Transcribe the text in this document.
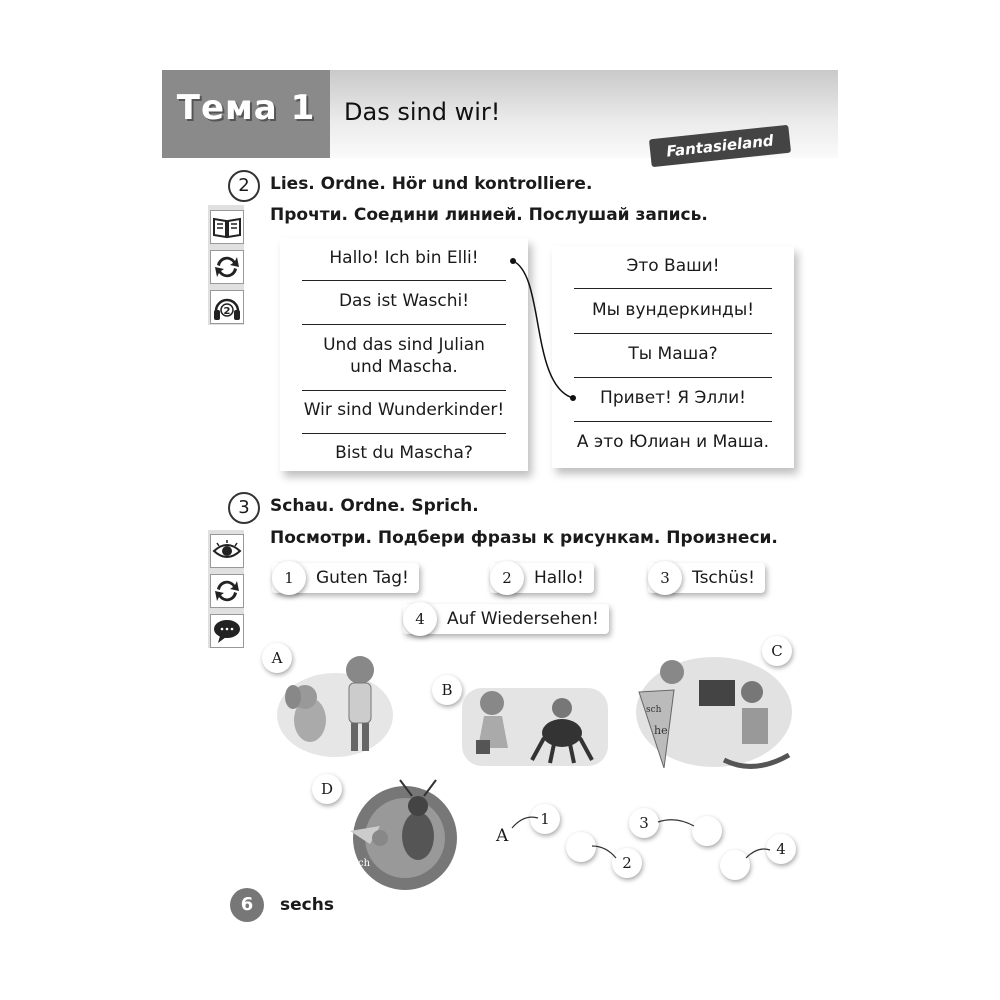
Тема 1	Das sind wir!
Fantasieland
2	Lies. Ordne. Hör und kontrolliere.
Прочти. Соедини линией. Послушай запись.
2
Hallo! Ich bin Elli!
Das ist Waschi!
Und das sind Julian und Mascha.
Wir sind Wunderkinder!
Bist du Mascha?
Это Ваши!
Мы вундеркинды!
Ты Маша?
Привет! Я Элли!
А это Юлиан и Маша.
3	Schau. Ordne. Sprich.
Посмотри. Подбери фразы к рисункам. Произнеси.
1	Guten Tag!	2	Hallo!	3	Tschüs!
4	Auf Wiedersehen!
A
B
C
sch
he
D
ch
A
1
2
3
4
6	sechs
